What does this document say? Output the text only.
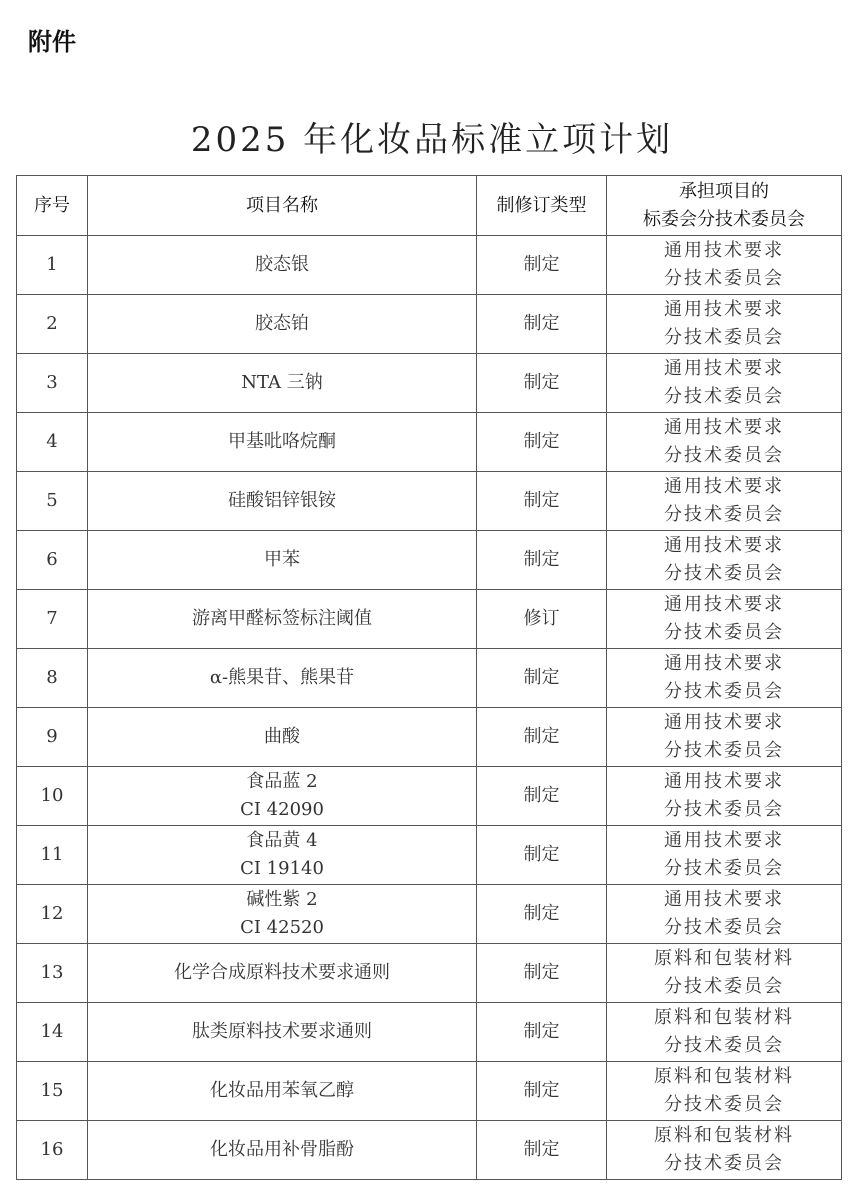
附件
2025 年化妆品标准立项计划
序号	项目名称	制修订类型	承担项目的
标委会分技术委员会

1	胶态银	制定	通用技术要求
分技术委员会

2	胶态铂	制定	通用技术要求
分技术委员会

3	NTA 三钠	制定	通用技术要求
分技术委员会

4	甲基吡咯烷酮	制定	通用技术要求
分技术委员会

5	硅酸铝锌银铵	制定	通用技术要求
分技术委员会

6	甲苯	制定	通用技术要求
分技术委员会

7	游离甲醛标签标注阈值	修订	通用技术要求
分技术委员会

8	α-熊果苷、熊果苷	制定	通用技术要求
分技术委员会

9	曲酸	制定	通用技术要求
分技术委员会

10	食品蓝 2
CI 42090	制定	通用技术要求
分技术委员会

11	食品黄 4
CI 19140	制定	通用技术要求
分技术委员会

12	碱性紫 2
CI 42520	制定	通用技术要求
分技术委员会

13	化学合成原料技术要求通则	制定	原料和包装材料
分技术委员会

14	肽类原料技术要求通则	制定	原料和包装材料
分技术委员会

15	化妆品用苯氧乙醇	制定	原料和包装材料
分技术委员会

16	化妆品用补骨脂酚	制定	原料和包装材料
分技术委员会
